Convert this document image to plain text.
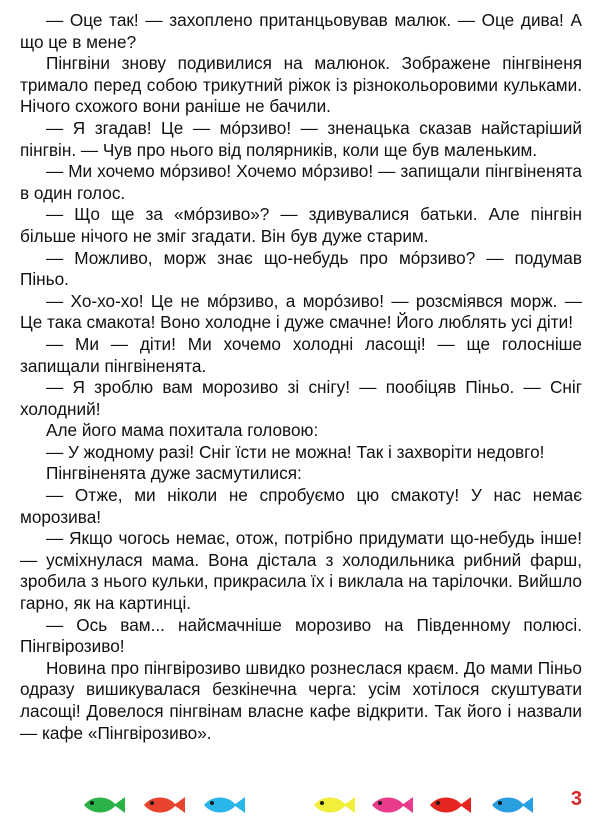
— Оце так! — захоплено пританцьовував малюк. — Оце дива! А що це в мене?

Пінгвіни знову подивилися на малюнок. Зображене пінгвіненя тримало перед собою трикутний ріжок із різнокольоровими кульками. Нічого схожого вони раніше не бачили.

— Я згадав! Це — мóрзиво! — зненацька сказав найстаріший пінгвін. — Чув про нього від полярників, коли ще був маленьким.

— Ми хочемо мóрзиво! Хочемо мóрзиво! — запищали пінгвіненята в один голос.

— Що ще за «мóрзиво»? — здивувалися батьки. Але пінгвін більше нічого не зміг згадати. Він був дуже старим.

— Можливо, морж знає що-небудь про мóрзиво? — подумав Піньо.

— Хо-хо-хо! Це не мóрзиво, а морóзиво! — розсміявся морж. — Це така смакота! Воно холодне і дуже смачне! Його люблять усі діти!

— Ми — діти! Ми хочемо холодні ласощі! — ще голосніше запищали пінгвіненята.

— Я зроблю вам морозиво зі снігу! — пообіцяв Піньо. — Сніг холодний!

Але його мама похитала головою:

— У жодному разі! Сніг їсти не можна! Так і захворіти недовго!

Пінгвіненята дуже засмутилися:

— Отже, ми ніколи не спробуємо цю смакоту! У нас немає морозива!

— Якщо чогось немає, отож, потрібно придумати що-небудь інше! — усміхнулася мама. Вона дістала з холодильника рибний фарш, зробила з нього кульки, прикрасила їх і виклала на тарілочки. Вийшло гарно, як на картинці.

— Ось вам... найсмачніше морозиво на Південному полюсі. Пінгвірозиво!

Новина про пінгвірозиво швидко рознеслася краєм. До мами Піньо одразу вишикувалася безкінечна черга: усім хотілося скуштувати ласощі! Довелося пінгвінам власне кафе відкрити. Так його і назвали — кафе «Пінгвірозиво».

3
